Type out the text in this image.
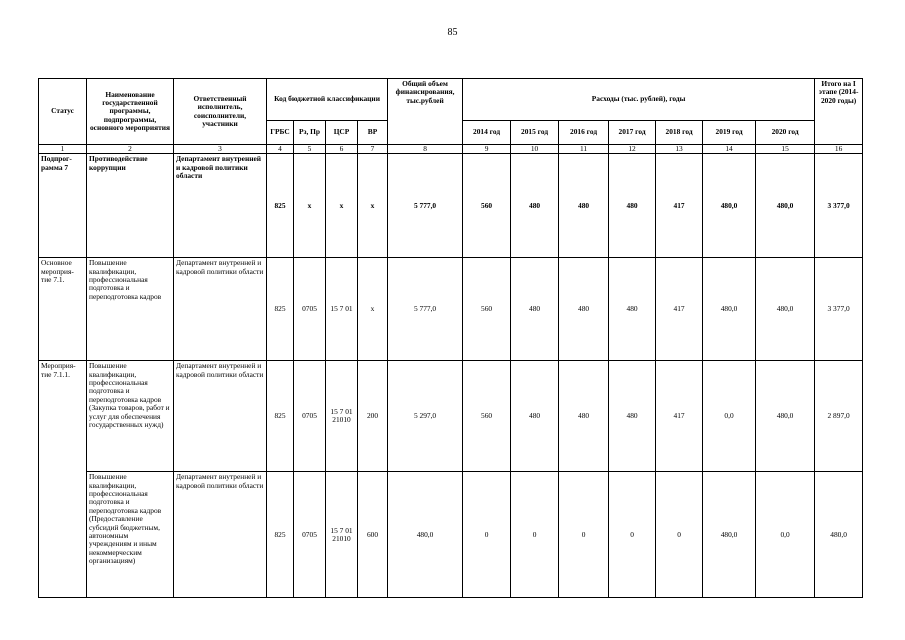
85
Статус	Наименование государственной программы, подпрограммы, основного мероприятия	Ответственный исполнитель, соисполнители, участники	Код бюджетной классификации				Общий объем финансирования, тыс.рублей	Расходы (тыс. рублей), годы							Итого на I этапе (2014-2020 годы)
			ГРБС	Рз, Пр	ЦСР	ВР		2014 год	2015 год	2016 год	2017 год	2018 год	2019 год	2020 год	
1	2	3	4	5	6	7	8	9	10	11	12	13	14	15	16
Подпрог-рамма 7	Противодействие коррупции	Департамент внутренней и кадровой политики области	825	x	x	x	5 777,0	560	480	480	480	417	480,0	480,0	3 377,0
Основное мероприя-тие 7.1.	Повышение квалификации, профессиональная подготовка и переподготовка кадров	Департамент внутренней и кадровой политики области	825	0705	15 7 01	x	5 777,0	560	480	480	480	417	480,0	480,0	3 377,0
Мероприя-тие 7.1.1.	Повышение квалификации, профессиональная подготовка и переподготовка кадров (Закупка товаров, работ и услуг для обеспечения государственных нужд)	Департамент внутренней и кадровой политики области	825	0705	15 7 01 21010	200	5 297,0	560	480	480	480	417	0,0	480,0	2 897,0
	Повышение квалификации, профессиональная подготовка и переподготовка кадров (Предоставление субсидий бюджетным, автономным учреждениям и иным некоммерческим организациям)	Департамент внутренней и кадровой политики области	825	0705	15 7 01 21010	600	480,0	0	0	0	0	0	480,0	0,0	480,0
